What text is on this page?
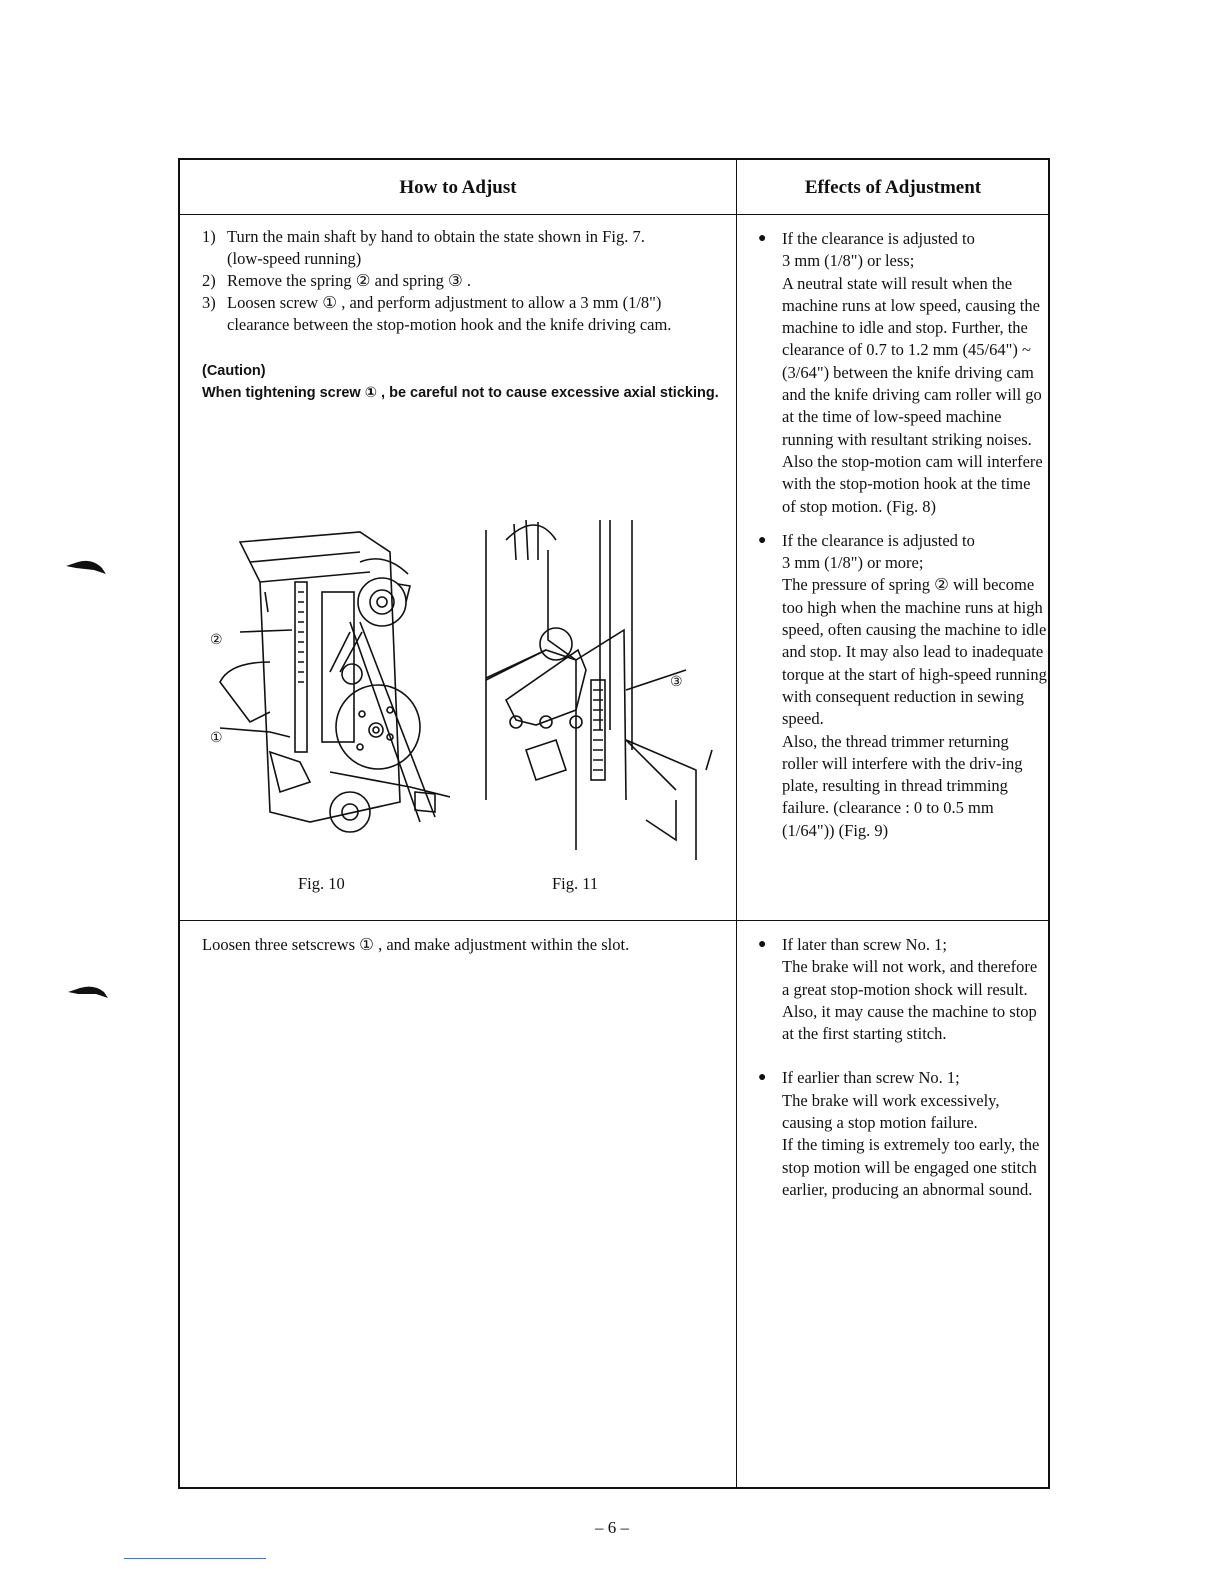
How to Adjust	Effects of Adjustment
1) Turn the main shaft by hand to obtain the state shown in Fig. 7.
(low-speed running)
2) Remove the spring ② and spring ③ .
3) Loosen screw ① , and perform adjustment to allow a 3 mm (1/8") clearance between the stop-motion hook and the knife driving cam.
(Caution)
When tightening screw ① , be careful not to cause excessive axial sticking.
②
①
Fig. 10
③
Fig. 11
● If the clearance is adjusted to
3 mm (1/8") or less;
A neutral state will result when the machine runs at low speed, causing the machine to idle and stop. Further, the clearance of 0.7 to 1.2 mm (45/64") ~ (3/64") between the knife driving cam and the knife driving cam roller will go at the time of low-speed machine running with resultant striking noises. Also the stop-motion cam will interfere with the stop-motion hook at the time of stop motion. (Fig. 8)
● If the clearance is adjusted to
3 mm (1/8") or more;
The pressure of spring ② will become too high when the machine runs at high speed, often causing the machine to idle and stop. It may also lead to inadequate torque at the start of high-speed running with consequent reduction in sewing speed.
Also, the thread trimmer returning roller will interfere with the driv-ing plate, resulting in thread trimming failure. (clearance : 0 to 0.5 mm (1/64")) (Fig. 9)
Loosen three setscrews ① , and make adjustment within the slot.	● If later than screw No. 1;
The brake will not work, and therefore a great stop-motion shock will result.
Also, it may cause the machine to stop at the first starting stitch.
● If earlier than screw No. 1;
The brake will work excessively, causing a stop motion failure.
If the timing is extremely too early, the stop motion will be engaged one stitch earlier, producing an abnormal sound.
– 6 –
